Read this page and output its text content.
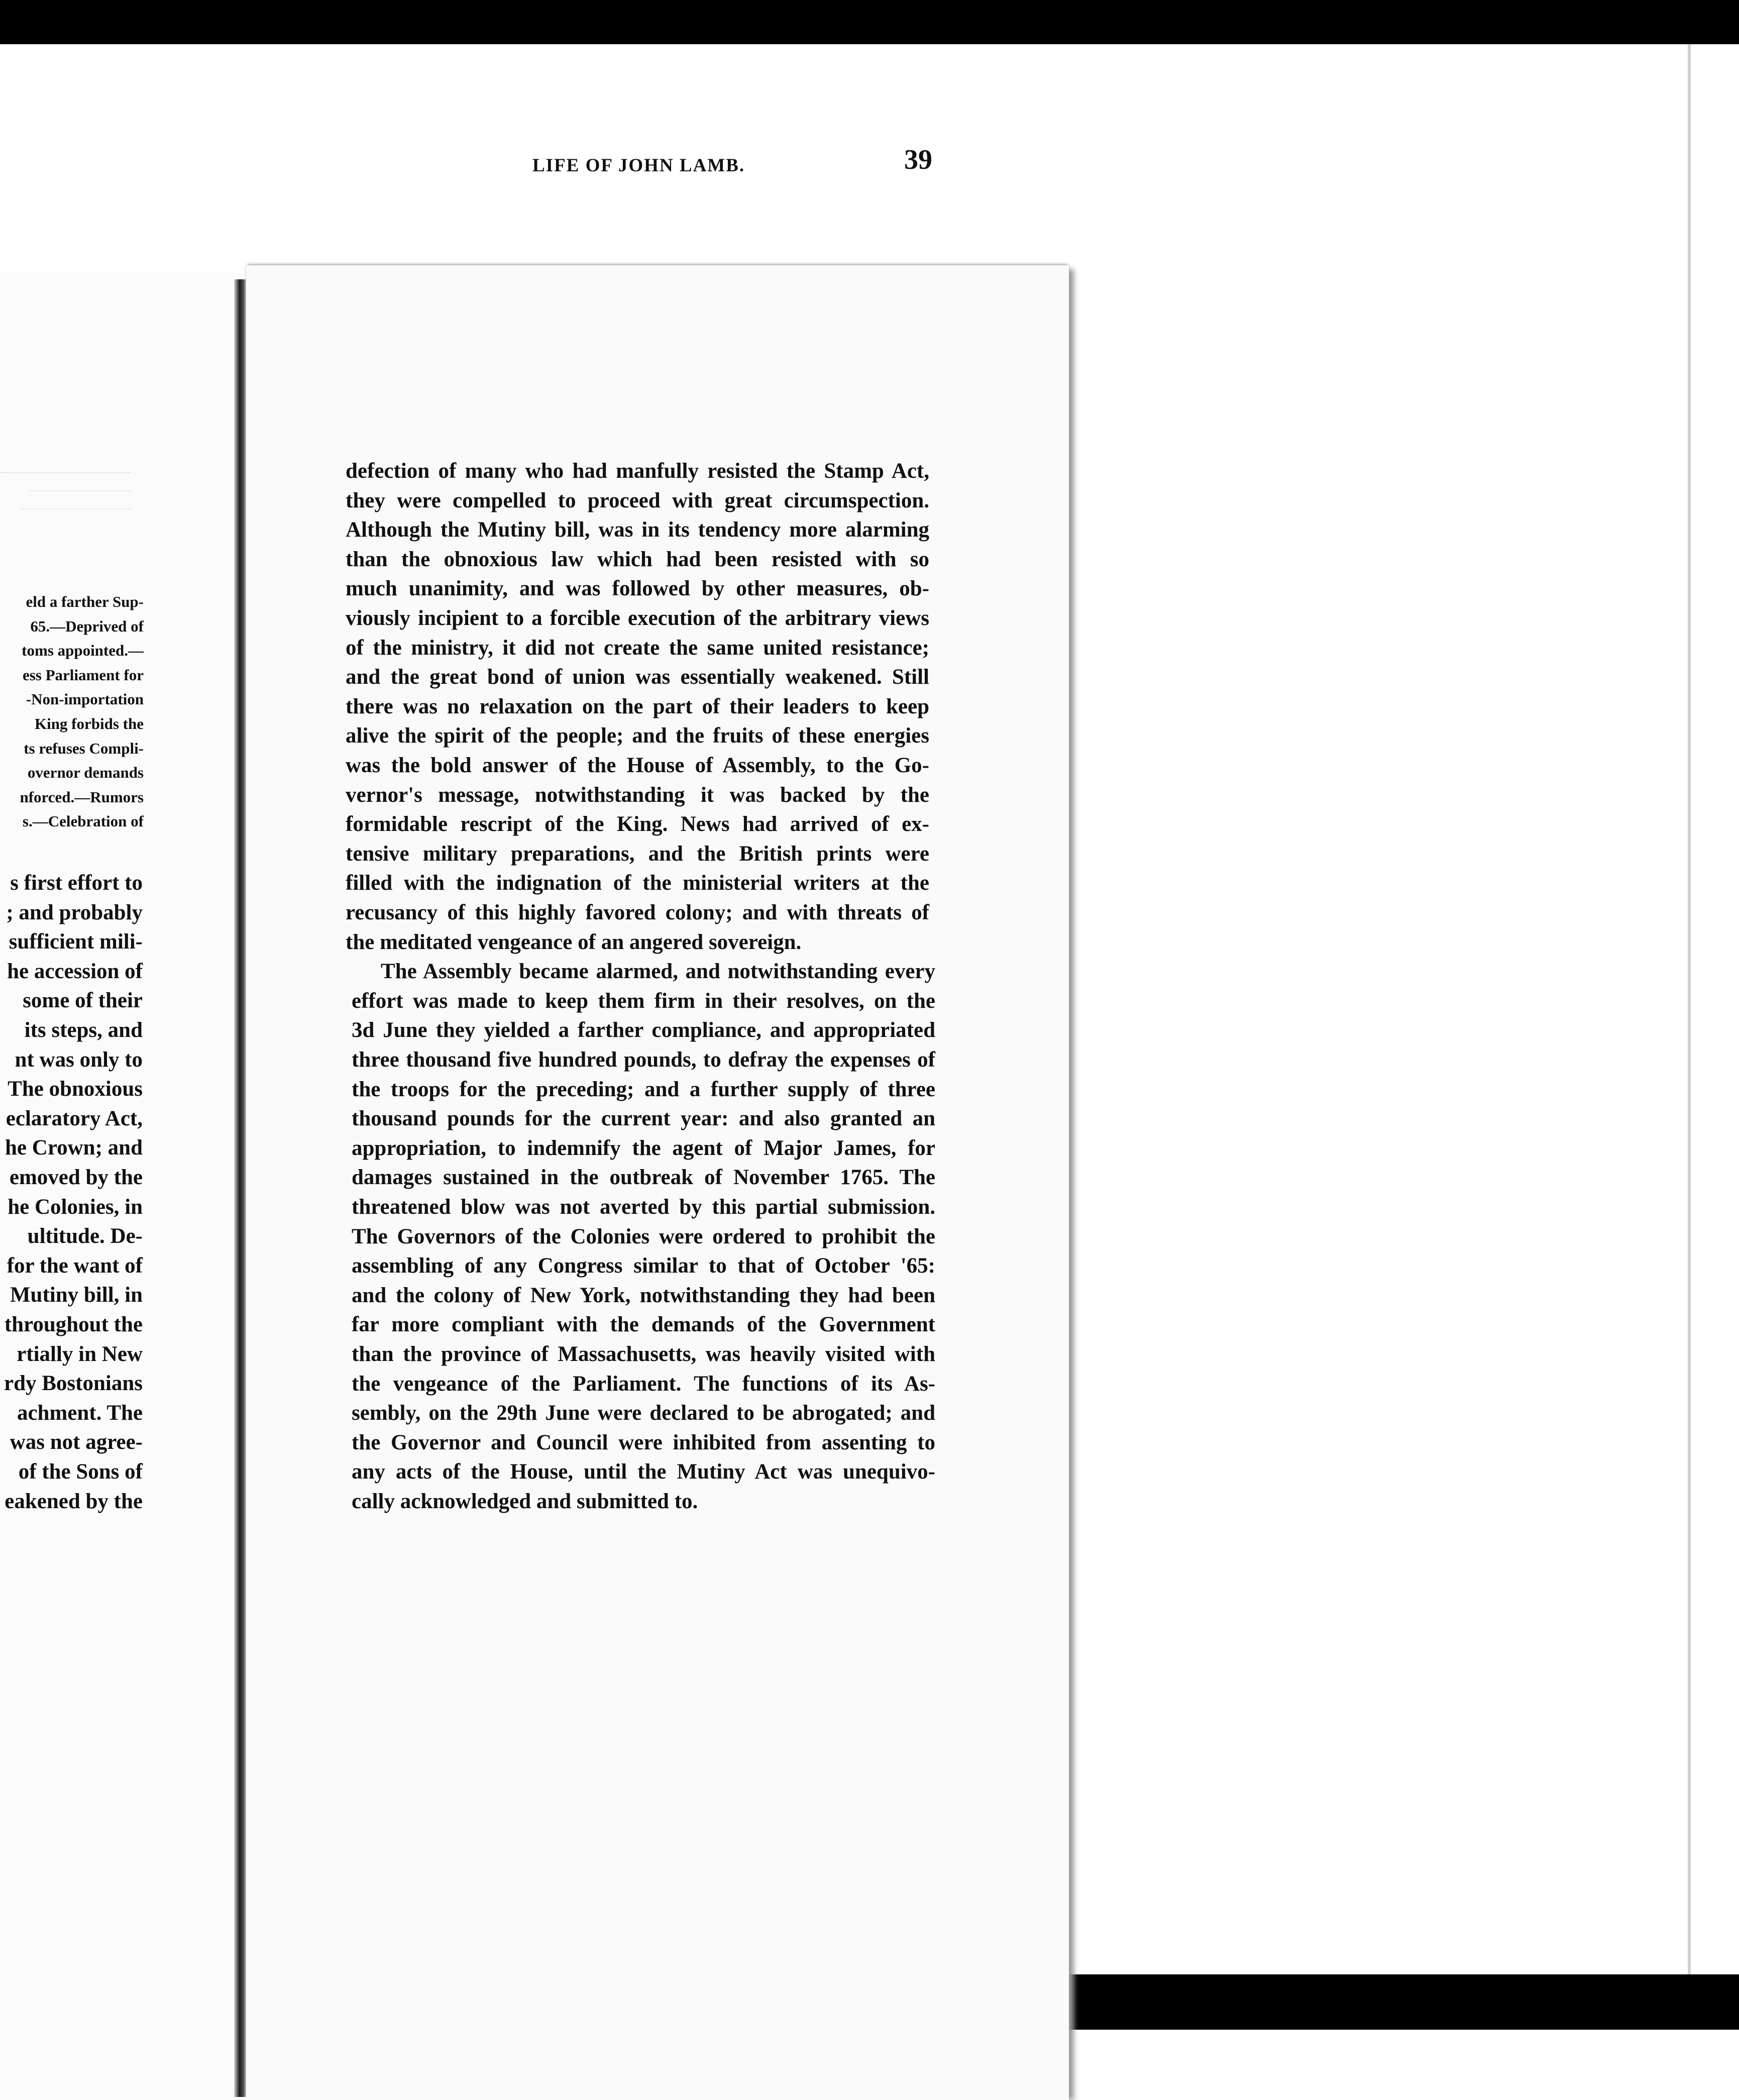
eld a farther Sup-
65.—Deprived of
toms appointed.—
ess Parliament for
-Non-importation
King forbids the
ts refuses Compli-
overnor demands
nforced.—Rumors
s.—Celebration of
s first effort to
; and probably
sufficient mili-
he accession of
some of their
its steps, and
nt was only to
The obnoxious
eclaratory Act,
he Crown; and
emoved by the
he Colonies, in
ultitude. De-
for the want of
Mutiny bill, in
throughout the
rtially in New
rdy Bostonians
achment. The
was not agree-
of the Sons of
eakened by the
LIFE OF JOHN LAMB.	39
defection of many who had manfully resisted the Stamp Act,
they were compelled to proceed with great circumspection.
Although the Mutiny bill, was in its tendency more alarming
than the obnoxious law which had been resisted with so
much unanimity, and was followed by other measures, ob-
viously incipient to a forcible execution of the arbitrary views
of the ministry, it did not create the same united resistance;
and the great bond of union was essentially weakened. Still
there was no relaxation on the part of their leaders to keep
alive the spirit of the people; and the fruits of these energies
was the bold answer of the House of Assembly, to the Go-
vernor's message, notwithstanding it was backed by the
formidable rescript of the King. News had arrived of ex-
tensive military preparations, and the British prints were
filled with the indignation of the ministerial writers at the
recusancy of this highly favored colony; and with threats of
the meditated vengeance of an angered sovereign.
The Assembly became alarmed, and notwithstanding every
effort was made to keep them firm in their resolves, on the
3d June they yielded a farther compliance, and appropriated
three thousand five hundred pounds, to defray the expenses of
the troops for the preceding; and a further supply of three
thousand pounds for the current year: and also granted an
appropriation, to indemnify the agent of Major James, for
damages sustained in the outbreak of November 1765. The
threatened blow was not averted by this partial submission.
The Governors of the Colonies were ordered to prohibit the
assembling of any Congress similar to that of October '65:
and the colony of New York, notwithstanding they had been
far more compliant with the demands of the Government
than the province of Massachusetts, was heavily visited with
the vengeance of the Parliament. The functions of its As-
sembly, on the 29th June were declared to be abrogated; and
the Governor and Council were inhibited from assenting to
any acts of the House, until the Mutiny Act was unequivo-
cally acknowledged and submitted to.
